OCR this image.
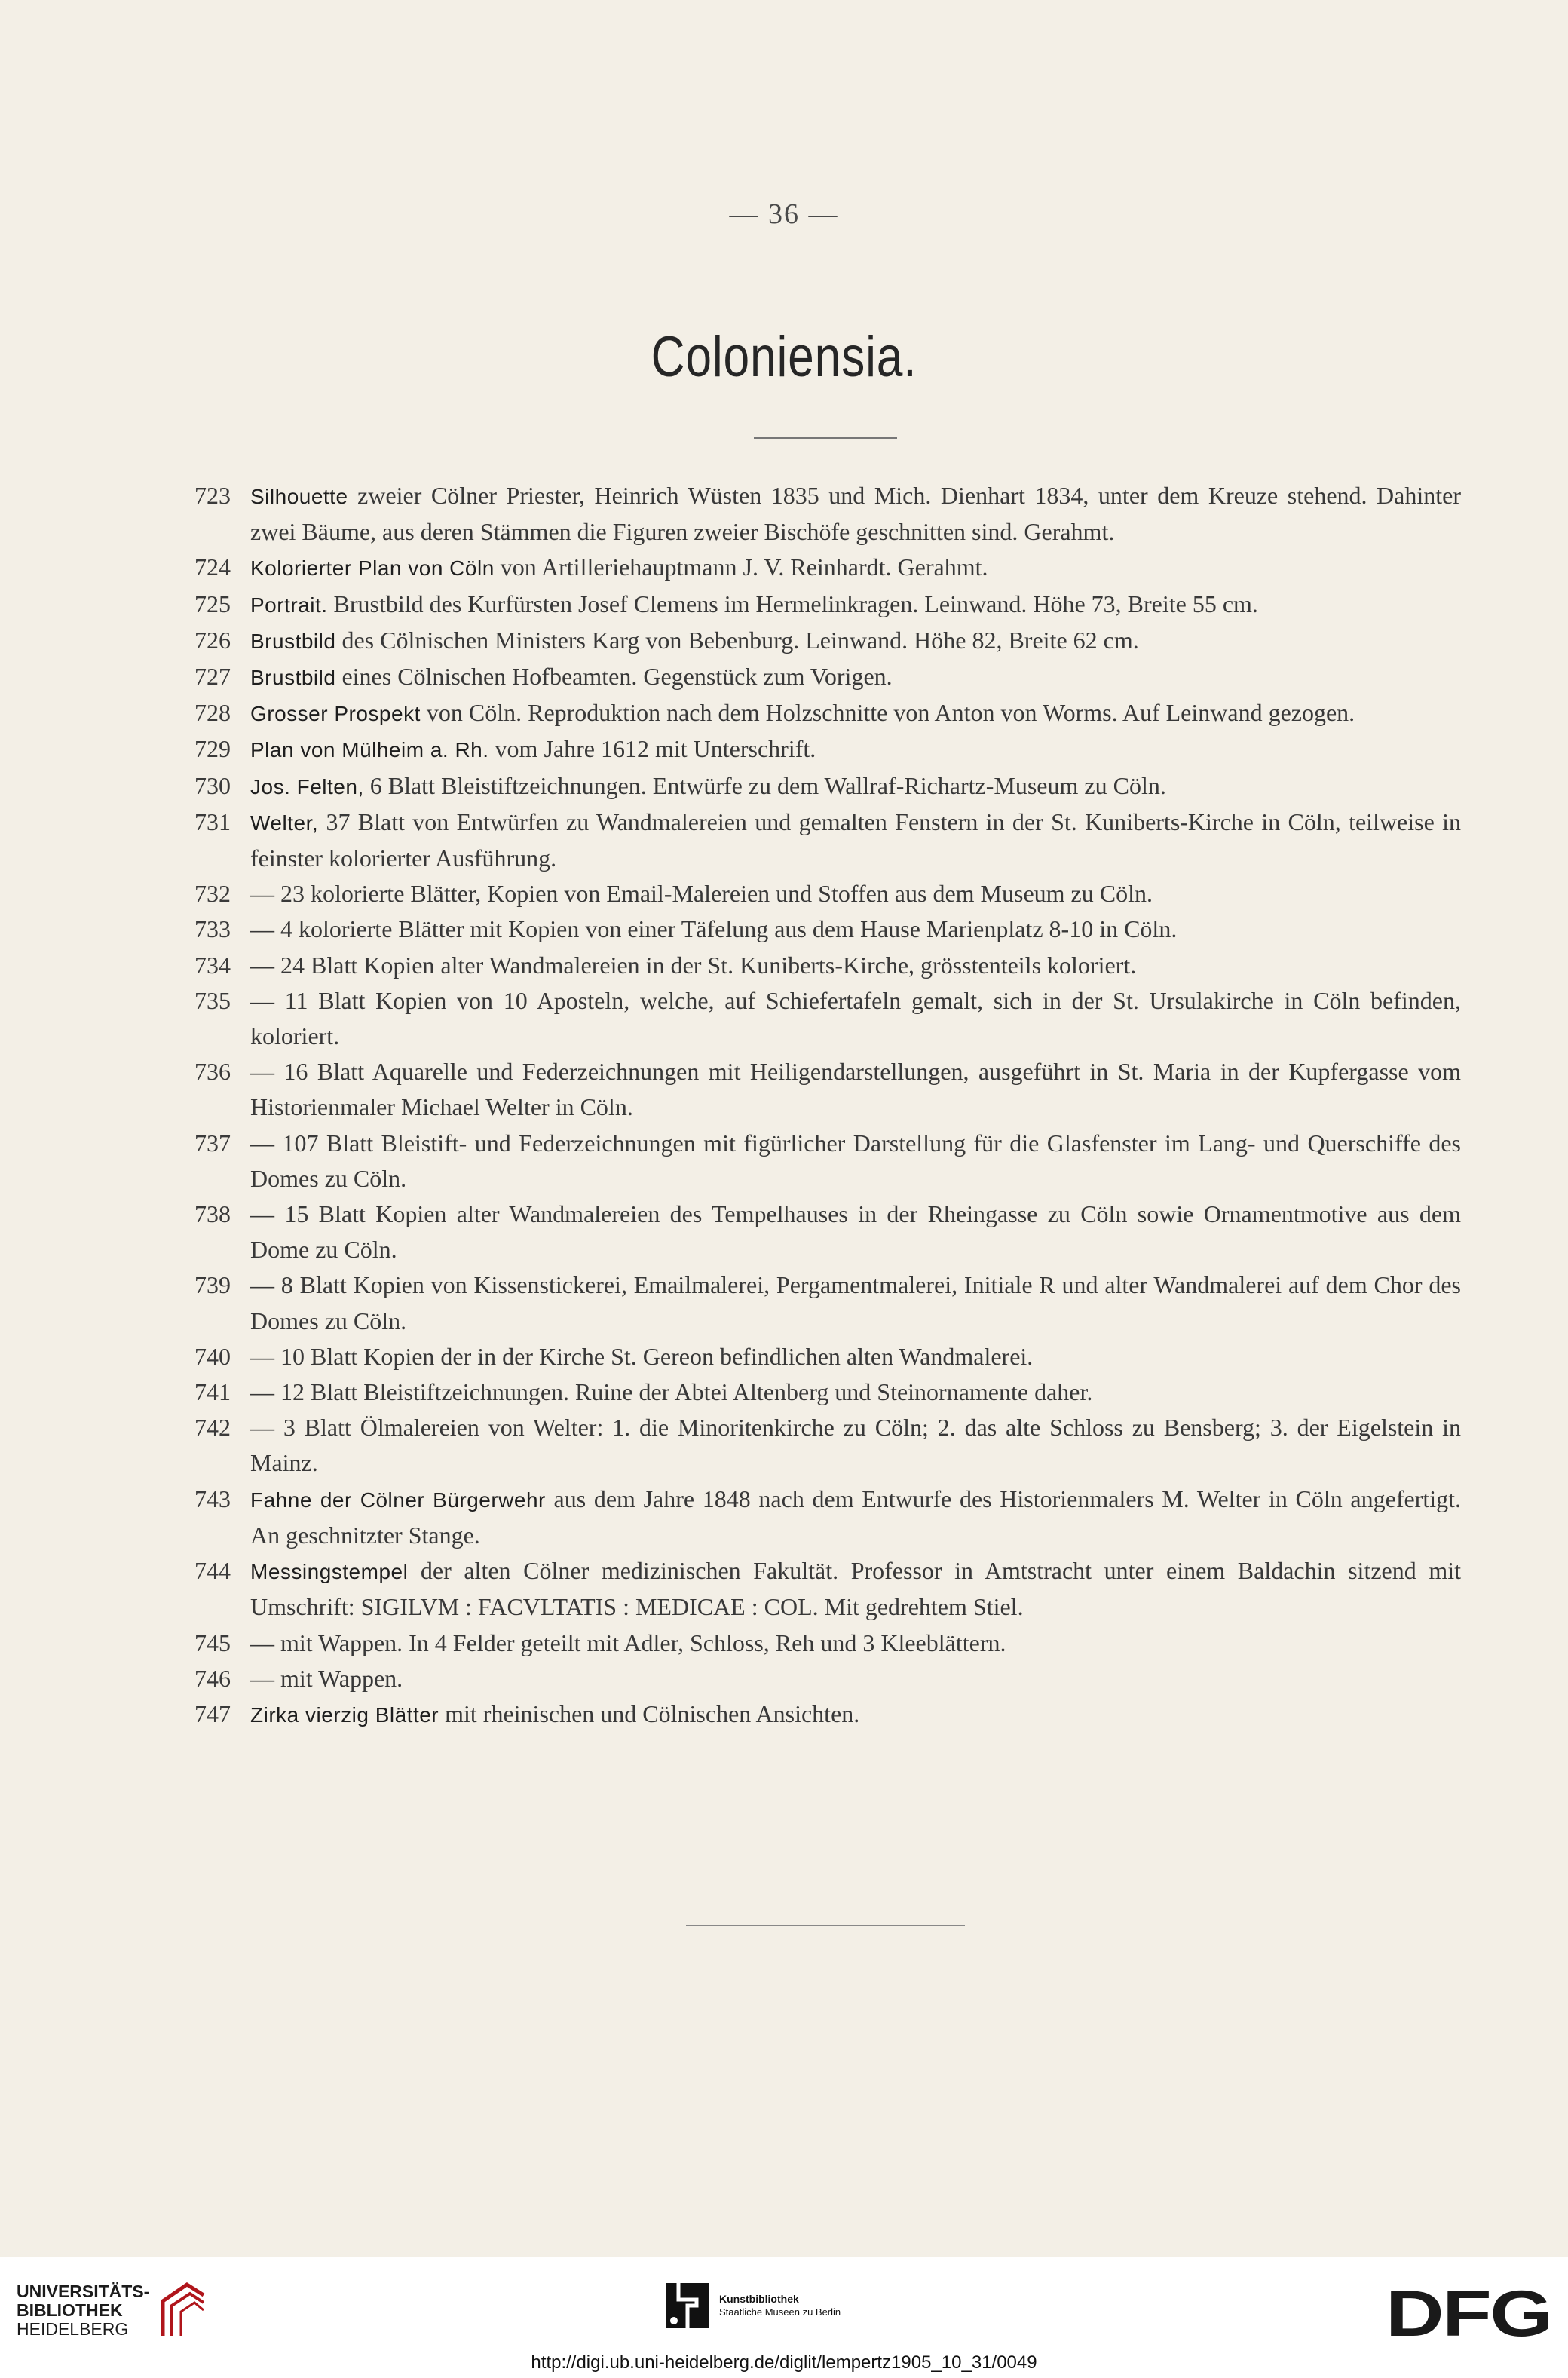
— 36 —
Coloniensia.
723 Silhouette zweier Cölner Priester, Heinrich Wüsten 1835 und Mich. Dienhart 1834, unter dem Kreuze stehend. Dahinter zwei Bäume, aus deren Stämmen die Figuren zweier Bischöfe geschnitten sind. Gerahmt.
724 Kolorierter Plan von Cöln von Artilleriehauptmann J. V. Reinhardt. Gerahmt.
725 Portrait. Brustbild des Kurfürsten Josef Clemens im Hermelinkragen. Leinwand. Höhe 73, Breite 55 cm.
726 Brustbild des Cölnischen Ministers Karg von Bebenburg. Leinwand. Höhe 82, Breite 62 cm.
727 Brustbild eines Cölnischen Hofbeamten. Gegenstück zum Vorigen.
728 Grosser Prospekt von Cöln. Reproduktion nach dem Holzschnitte von Anton von Worms. Auf Leinwand gezogen.
729 Plan von Mülheim a. Rh. vom Jahre 1612 mit Unterschrift.
730 Jos. Felten, 6 Blatt Bleistiftzeichnungen. Entwürfe zu dem Wallraf-Richartz-Museum zu Cöln.
731 Welter, 37 Blatt von Entwürfen zu Wandmalereien und gemalten Fenstern in der St. Kuniberts-Kirche in Cöln, teilweise in feinster kolorierter Ausführung.
732 — 23 kolorierte Blätter, Kopien von Email-Malereien und Stoffen aus dem Museum zu Cöln.
733 — 4 kolorierte Blätter mit Kopien von einer Täfelung aus dem Hause Marienplatz 8-10 in Cöln.
734 — 24 Blatt Kopien alter Wandmalereien in der St. Kuniberts-Kirche, grösstenteils koloriert.
735 — 11 Blatt Kopien von 10 Aposteln, welche, auf Schiefertafeln gemalt, sich in der St. Ursulakirche in Cöln befinden, koloriert.
736 — 16 Blatt Aquarelle und Federzeichnungen mit Heiligendarstellungen, ausgeführt in St. Maria in der Kupfergasse vom Historienmaler Michael Welter in Cöln.
737 — 107 Blatt Bleistift- und Federzeichnungen mit figürlicher Darstellung für die Glasfenster im Lang- und Querschiffe des Domes zu Cöln.
738 — 15 Blatt Kopien alter Wandmalereien des Tempelhauses in der Rheingasse zu Cöln sowie Ornamentmotive aus dem Dome zu Cöln.
739 — 8 Blatt Kopien von Kissenstickerei, Emailmalerei, Pergamentmalerei, Initiale R und alter Wandmalerei auf dem Chor des Domes zu Cöln.
740 — 10 Blatt Kopien der in der Kirche St. Gereon befindlichen alten Wandmalerei.
741 — 12 Blatt Bleistiftzeichnungen. Ruine der Abtei Altenberg und Steinornamente daher.
742 — 3 Blatt Ölmalereien von Welter: 1. die Minoritenkirche zu Cöln; 2. das alte Schloss zu Bensberg; 3. der Eigelstein in Mainz.
743 Fahne der Cölner Bürgerwehr aus dem Jahre 1848 nach dem Entwurfe des Historienmalers M. Welter in Cöln angefertigt. An geschnitzter Stange.
744 Messingstempel der alten Cölner medizinischen Fakultät. Professor in Amtstracht unter einem Baldachin sitzend mit Umschrift: SIGILVM : FACVLTATIS : MEDICAE : COL. Mit gedrehtem Stiel.
745 — mit Wappen. In 4 Felder geteilt mit Adler, Schloss, Reh und 3 Kleeblättern.
746 — mit Wappen.
747 Zirka vierzig Blätter mit rheinischen und Cölnischen Ansichten.
UNIVERSITÄTS-
BIBLIOTHEK
HEIDELBERG
Kunstbibliothek
Staatliche Museen zu Berlin	DFG
http://digi.ub.uni-heidelberg.de/diglit/lempertz1905_10_31/0049
